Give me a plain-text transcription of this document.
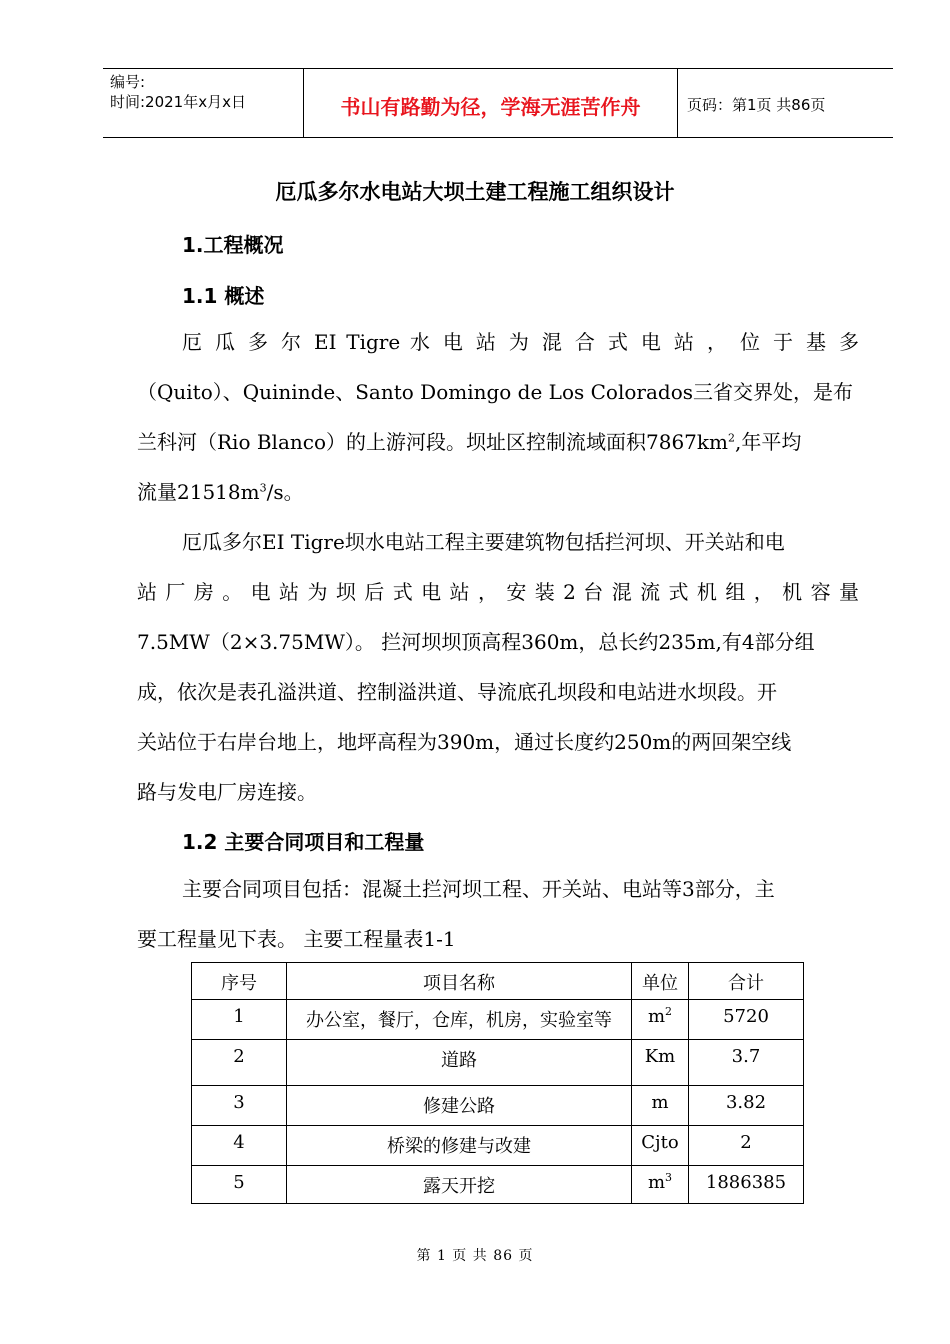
编号:
时间:2021年x月x日	书山有路勤为径，学海无涯苦作舟	页码：第1页 共86页
厄瓜多尔水电站大坝土建工程施工组织设计
1.工程概况
1.1 概述
厄 瓜 多 尔 EI Tigre 水 电 站 为 混 合 式 电 站 ， 位 于 基 多
（Quito）、Quininde、Santo Domingo de Los Colorados三省交界处，是布
兰科河（Rio Blanco）的上游河段。坝址区控制流域面积$7867km^2$,年平均
流量$21518m^3/s$。
厄瓜多尔EI Tigre坝水电站工程主要建筑物包括拦河坝、开关站和电
站 厂 房 。 电 站 为 坝 后 式 电 站 ， 安 装 2 台 混 流 式 机 组 ， 机 容 量
7.5MW（2×3.75MW）。 拦河坝坝顶高程360m，总长约235m,有4部分组
成，依次是表孔溢洪道、控制溢洪道、导流底孔坝段和电站进水坝段。开
关站位于右岸台地上，地坪高程为390m，通过长度约250m的两回架空线
路与发电厂房连接。
1.2 主要合同项目和工程量
主要合同项目包括：混凝土拦河坝工程、开关站、电站等3部分，主
要工程量见下表。 主要工程量表1-1
序号	项目名称	单位	合计

1	办公室，餐厅，仓库，机房，实验室等	$m^2$	5720

2	道路	Km	3.7

3	修建公路	m	3.82

4	桥梁的修建与改建	Cjto	2

5	露天开挖	$m^3$	1886385
第 1 页 共 86 页
